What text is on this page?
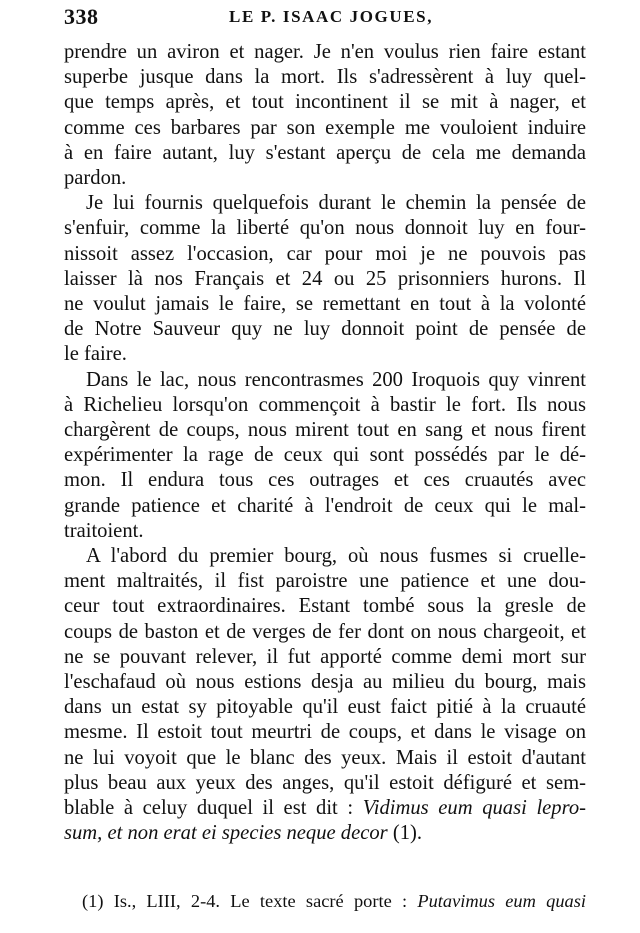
338	LE P. ISAAC JOGUES,
prendre un aviron et nager. Je n'en voulus rien faire estant
superbe jusque dans la mort. Ils s'adressèrent à luy quel-
que temps après, et tout incontinent il se mit à nager, et
comme ces barbares par son exemple me vouloient induire
à en faire autant, luy s'estant aperçu de cela me demanda
pardon.
Je lui fournis quelquefois durant le chemin la pensée de
s'enfuir, comme la liberté qu'on nous donnoit luy en four-
nissoit assez l'occasion, car pour moi je ne pouvois pas
laisser là nos Français et 24 ou 25 prisonniers hurons. Il
ne voulut jamais le faire, se remettant en tout à la volonté
de Notre Sauveur quy ne luy donnoit point de pensée de
le faire.
Dans le lac, nous rencontrasmes 200 Iroquois quy vinrent
à Richelieu lorsqu'on commençoit à bastir le fort. Ils nous
chargèrent de coups, nous mirent tout en sang et nous firent
expérimenter la rage de ceux qui sont possédés par le dé-
mon. Il endura tous ces outrages et ces cruautés avec
grande patience et charité à l'endroit de ceux qui le mal-
traitoient.
A l'abord du premier bourg, où nous fusmes si cruelle-
ment maltraités, il fist paroistre une patience et une dou-
ceur tout extraordinaires. Estant tombé sous la gresle de
coups de baston et de verges de fer dont on nous chargeoit, et
ne se pouvant relever, il fut apporté comme demi mort sur
l'eschafaud où nous estions desja au milieu du bourg, mais
dans un estat sy pitoyable qu'il eust faict pitié à la cruauté
mesme. Il estoit tout meurtri de coups, et dans le visage on
ne lui voyoit que le blanc des yeux. Mais il estoit d'autant
plus beau aux yeux des anges, qu'il estoit défiguré et sem-
blable à celuy duquel il est dit : Vidimus eum quasi lepro-
sum, et non erat ei species neque decor (1).
(1) Is., LIII, 2-4. Le texte sacré porte : Putavimus eum quasi
